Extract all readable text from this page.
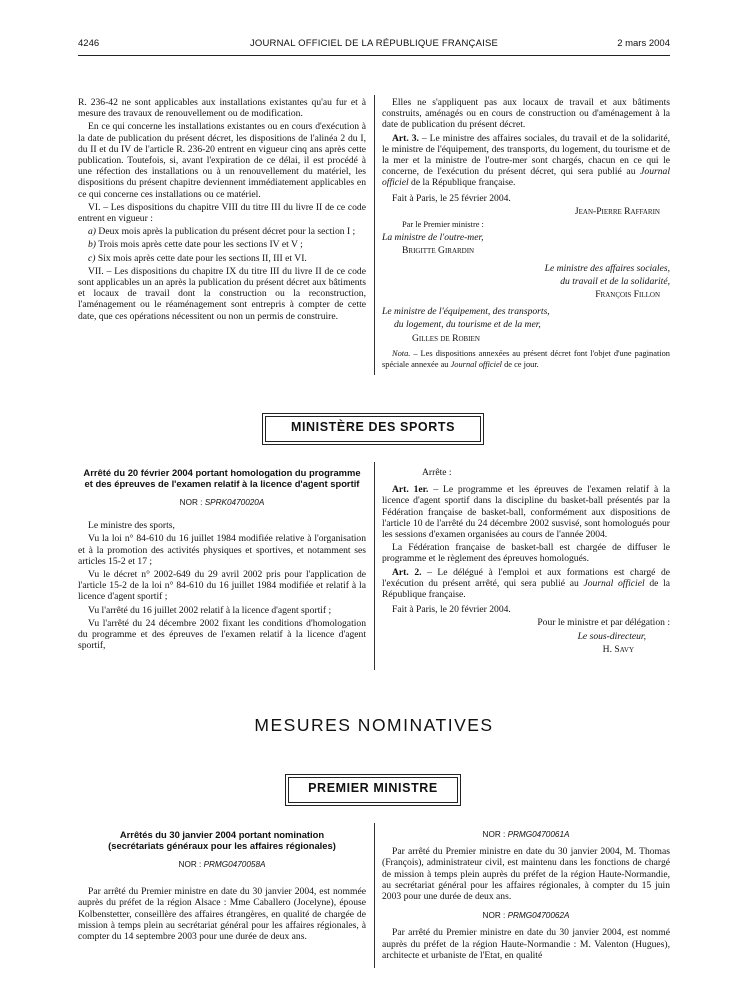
4246	JOURNAL OFFICIEL DE LA RÉPUBLIQUE FRANÇAISE	2 mars 2004

R. 236-42 ne sont applicables aux installations existantes qu'au fur et à mesure des travaux de renouvellement ou de modification.

En ce qui concerne les installations existantes ou en cours d'exécution à la date de publication du présent décret, les dispositions de l'alinéa 2 du I, du II et du IV de l'article R. 236-20 entrent en vigueur cinq ans après cette publication. Toutefois, si, avant l'expiration de ce délai, il est procédé à une réfection des installations ou à un renouvellement du matériel, les dispositions du présent chapitre deviennent immédiatement applicables en ce qui concerne ces installations ou ce matériel.

VI. – Les dispositions du chapitre VIII du titre III du livre II de ce code entrent en vigueur :

a) Deux mois après la publication du présent décret pour la section I ;

b) Trois mois après cette date pour les sections IV et V ;

c) Six mois après cette date pour les sections II, III et VI.

VII. – Les dispositions du chapitre IX du titre III du livre II de ce code sont applicables un an après la publication du présent décret aux bâtiments et locaux de travail dont la construction ou la reconstruction, l'aménagement ou le réaménagement sont entrepris à compter de cette date, que ces opérations nécessitent ou non un permis de construire.

Elles ne s'appliquent pas aux locaux de travail et aux bâtiments construits, aménagés ou en cours de construction ou d'aménagement à la date de publication du présent décret.

Art. 3. – Le ministre des affaires sociales, du travail et de la solidarité, le ministre de l'équipement, des transports, du logement, du tourisme et de la mer et la ministre de l'outre-mer sont chargés, chacun en ce qui le concerne, de l'exécution du présent décret, qui sera publié au Journal officiel de la République française.

Fait à Paris, le 25 février 2004.

Jean-Pierre Raffarin

Par le Premier ministre :

La ministre de l'outre-mer,

Brigitte Girardin

Le ministre des affaires sociales,

du travail et de la solidarité,

François Fillon

Le ministre de l'équipement, des transports,

du logement, du tourisme et de la mer,

Gilles de Robien

Nota. – Les dispositions annexées au présent décret font l'objet d'une pagination spéciale annexée au Journal officiel de ce jour.

MINISTÈRE DES SPORTS
Arrêté du 20 février 2004 portant homologation du programme et des épreuves de l'examen relatif à la licence d'agent sportif
NOR : SPRK0470020A

Le ministre des sports,

Vu la loi n° 84-610 du 16 juillet 1984 modifiée relative à l'organisation et à la promotion des activités physiques et sportives, et notamment ses articles 15-2 et 17 ;

Vu le décret n° 2002-649 du 29 avril 2002 pris pour l'application de l'article 15-2 de la loi n° 84-610 du 16 juillet 1984 modifiée et relatif à la licence d'agent sportif ;

Vu l'arrêté du 16 juillet 2002 relatif à la licence d'agent sportif ;

Vu l'arrêté du 24 décembre 2002 fixant les conditions d'homologation du programme et des épreuves de l'examen relatif à la licence d'agent sportif,

Arrête :

Art. 1er. – Le programme et les épreuves de l'examen relatif à la licence d'agent sportif dans la discipline du basket-ball présentés par la Fédération française de basket-ball, conformément aux dispositions de l'article 10 de l'arrêté du 24 décembre 2002 susvisé, sont homologués pour les sessions d'examen organisées au cours de l'année 2004.

La Fédération française de basket-ball est chargée de diffuser le programme et le règlement des épreuves homologués.

Art. 2. – Le délégué à l'emploi et aux formations est chargé de l'exécution du présent arrêté, qui sera publié au Journal officiel de la République française.

Fait à Paris, le 20 février 2004.

Pour le ministre et par délégation :

Le sous-directeur,

H. Savy

MESURES NOMINATIVES
PREMIER MINISTRE
Arrêtés du 30 janvier 2004 portant nomination (secrétariats généraux pour les affaires régionales)
NOR : PRMG0470058A

Par arrêté du Premier ministre en date du 30 janvier 2004, est nommée auprès du préfet de la région Alsace : Mme Caballero (Jocelyne), épouse Kolbenstetter, conseillère des affaires étrangères, en qualité de chargée de mission à temps plein au secrétariat général pour les affaires régionales, à compter du 14 septembre 2003 pour une durée de deux ans.

NOR : PRMG0470061A

Par arrêté du Premier ministre en date du 30 janvier 2004, M. Thomas (François), administrateur civil, est maintenu dans les fonctions de chargé de mission à temps plein auprès du préfet de la région Haute-Normandie, au secrétariat général pour les affaires régionales, à compter du 15 juin 2003 pour une durée de deux ans.

NOR : PRMG0470062A

Par arrêté du Premier ministre en date du 30 janvier 2004, est nommé auprès du préfet de la région Haute-Normandie : M. Valenton (Hugues), architecte et urbaniste de l'Etat, en qualité
